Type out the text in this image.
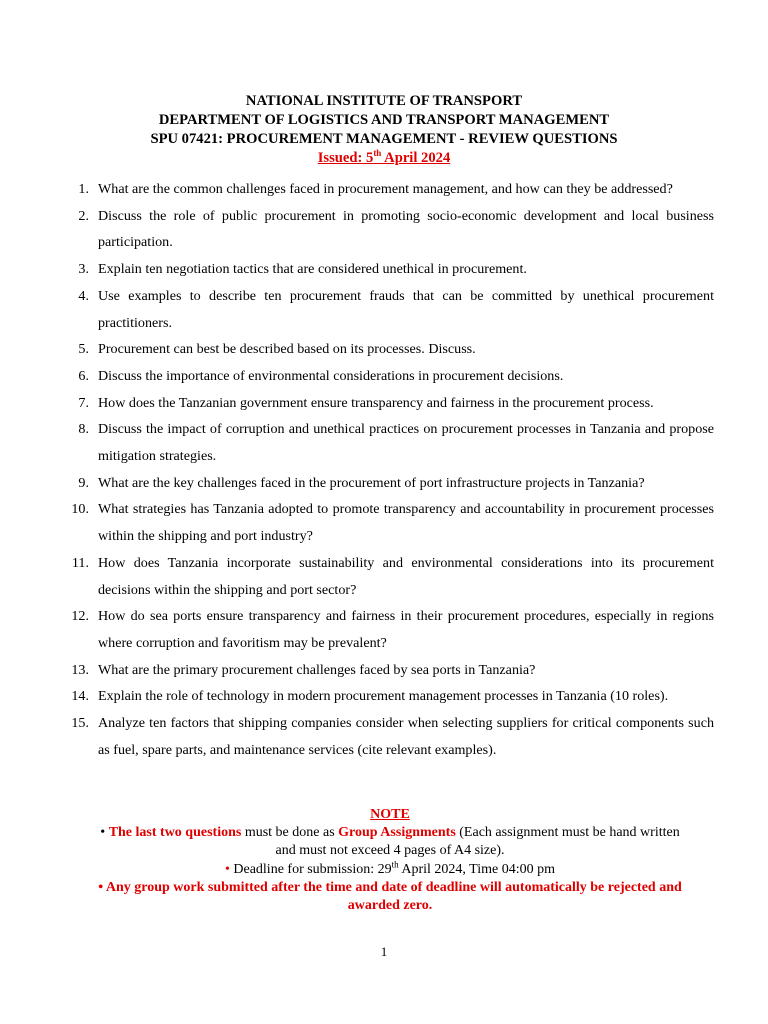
NATIONAL INSTITUTE OF TRANSPORT
DEPARTMENT OF LOGISTICS AND TRANSPORT MANAGEMENT
SPU 07421: PROCUREMENT MANAGEMENT - REVIEW QUESTIONS
Issued: 5th April 2024
1. What are the common challenges faced in procurement management, and how can they be addressed?
2. Discuss the role of public procurement in promoting socio-economic development and local business participation.
3. Explain ten negotiation tactics that are considered unethical in procurement.
4. Use examples to describe ten procurement frauds that can be committed by unethical procurement practitioners.
5. Procurement can best be described based on its processes. Discuss.
6. Discuss the importance of environmental considerations in procurement decisions.
7. How does the Tanzanian government ensure transparency and fairness in the procurement process.
8. Discuss the impact of corruption and unethical practices on procurement processes in Tanzania and propose mitigation strategies.
9. What are the key challenges faced in the procurement of port infrastructure projects in Tanzania?
10. What strategies has Tanzania adopted to promote transparency and accountability in procurement processes within the shipping and port industry?
11. How does Tanzania incorporate sustainability and environmental considerations into its procurement decisions within the shipping and port sector?
12. How do sea ports ensure transparency and fairness in their procurement procedures, especially in regions where corruption and favoritism may be prevalent?
13. What are the primary procurement challenges faced by sea ports in Tanzania?
14. Explain the role of technology in modern procurement management processes in Tanzania (10 roles).
15. Analyze ten factors that shipping companies consider when selecting suppliers for critical components such as fuel, spare parts, and maintenance services (cite relevant examples).
NOTE
• The last two questions must be done as Group Assignments (Each assignment must be hand written and must not exceed 4 pages of A4 size).
• Deadline for submission: 29th April 2024, Time 04:00 pm
• Any group work submitted after the time and date of deadline will automatically be rejected and awarded zero.
1
